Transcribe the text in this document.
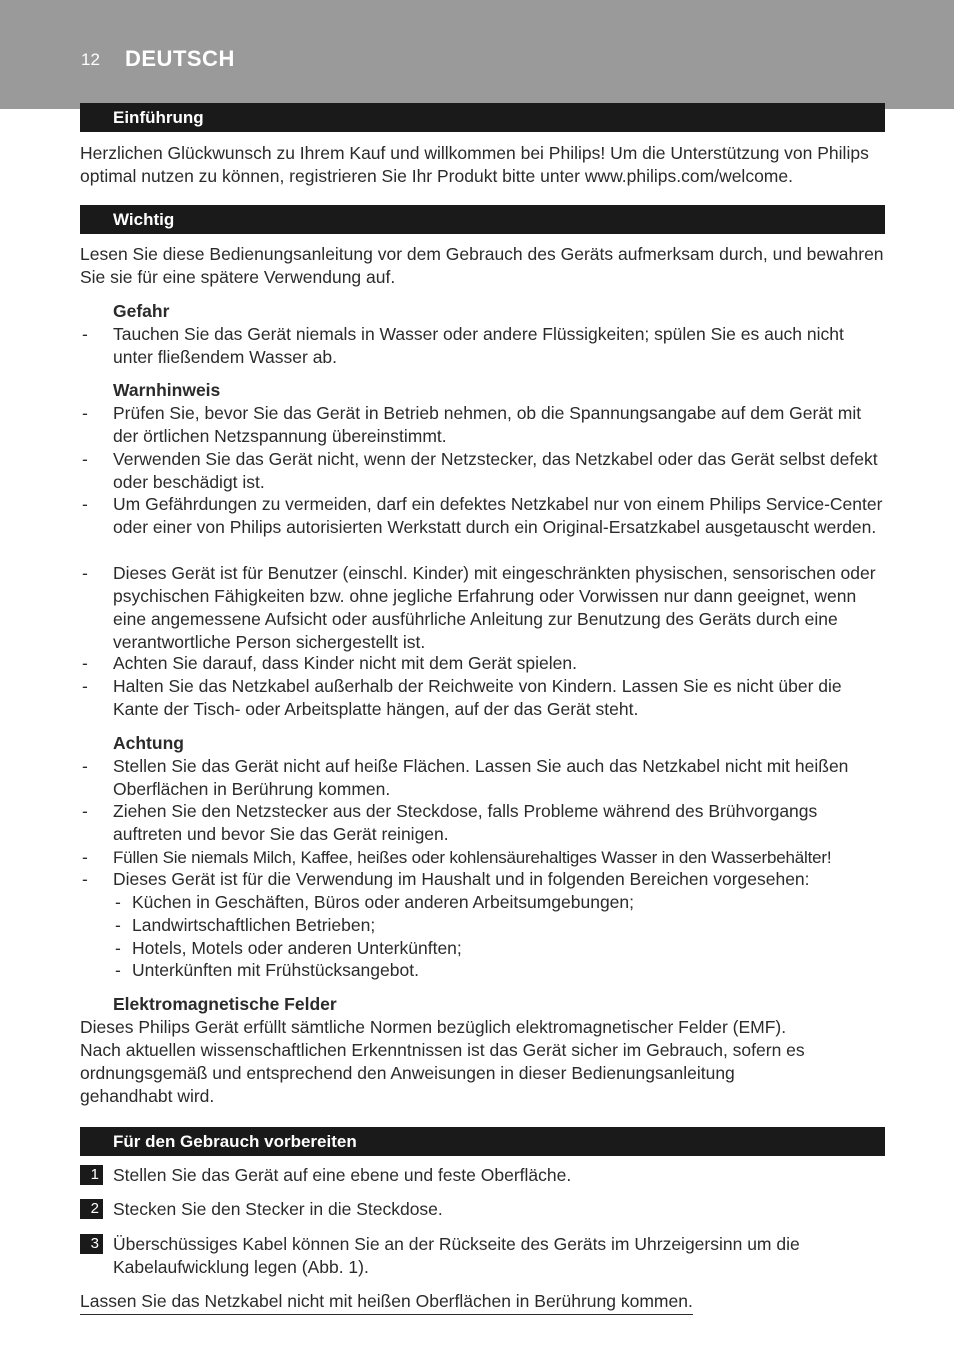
12 DEUTSCH
Einführung
Herzlichen Glückwunsch zu Ihrem Kauf und willkommen bei Philips! Um die Unterstützung von Philips optimal nutzen zu können, registrieren Sie Ihr Produkt bitte unter www.philips.com/welcome.
Wichtig
Lesen Sie diese Bedienungsanleitung vor dem Gebrauch des Geräts aufmerksam durch, und bewahren Sie sie für eine spätere Verwendung auf.
Gefahr
- Tauchen Sie das Gerät niemals in Wasser oder andere Flüssigkeiten; spülen Sie es auch nicht unter fließendem Wasser ab.
Warnhinweis
- Prüfen Sie, bevor Sie das Gerät in Betrieb nehmen, ob die Spannungsangabe auf dem Gerät mit der örtlichen Netzspannung übereinstimmt.
- Verwenden Sie das Gerät nicht, wenn der Netzstecker, das Netzkabel oder das Gerät selbst defekt oder beschädigt ist.
- Um Gefährdungen zu vermeiden, darf ein defektes Netzkabel nur von einem Philips Service-Center oder einer von Philips autorisierten Werkstatt durch ein Original-Ersatzkabel ausgetauscht werden.
- Dieses Gerät ist für Benutzer (einschl. Kinder) mit eingeschränkten physischen, sensorischen oder psychischen Fähigkeiten bzw. ohne jegliche Erfahrung oder Vorwissen nur dann geeignet, wenn eine angemessene Aufsicht oder ausführliche Anleitung zur Benutzung des Geräts durch eine verantwortliche Person sichergestellt ist.
- Achten Sie darauf, dass Kinder nicht mit dem Gerät spielen.
- Halten Sie das Netzkabel außerhalb der Reichweite von Kindern. Lassen Sie es nicht über die Kante der Tisch- oder Arbeitsplatte hängen, auf der das Gerät steht.
Achtung
- Stellen Sie das Gerät nicht auf heiße Flächen. Lassen Sie auch das Netzkabel nicht mit heißen Oberflächen in Berührung kommen.
- Ziehen Sie den Netzstecker aus der Steckdose, falls Probleme während des Brühvorgangs auftreten und bevor Sie das Gerät reinigen.
- Füllen Sie niemals Milch, Kaffee, heißes oder kohlensäurehaltiges Wasser in den Wasserbehälter!
- Dieses Gerät ist für die Verwendung im Haushalt und in folgenden Bereichen vorgesehen:
- Küchen in Geschäften, Büros oder anderen Arbeitsumgebungen;
- Landwirtschaftlichen Betrieben;
- Hotels, Motels oder anderen Unterkünften;
- Unterkünften mit Frühstücksangebot.
Elektromagnetische Felder
Dieses Philips Gerät erfüllt sämtliche Normen bezüglich elektromagnetischer Felder (EMF). Nach aktuellen wissenschaftlichen Erkenntnissen ist das Gerät sicher im Gebrauch, sofern es ordnungsgemäß und entsprechend den Anweisungen in dieser Bedienungsanleitung gehandhabt wird.
Für den Gebrauch vorbereiten
1 Stellen Sie das Gerät auf eine ebene und feste Oberfläche.
2 Stecken Sie den Stecker in die Steckdose.
3 Überschüssiges Kabel können Sie an der Rückseite des Geräts im Uhrzeigersinn um die Kabelaufwicklung legen (Abb. 1).
Lassen Sie das Netzkabel nicht mit heißen Oberflächen in Berührung kommen.
